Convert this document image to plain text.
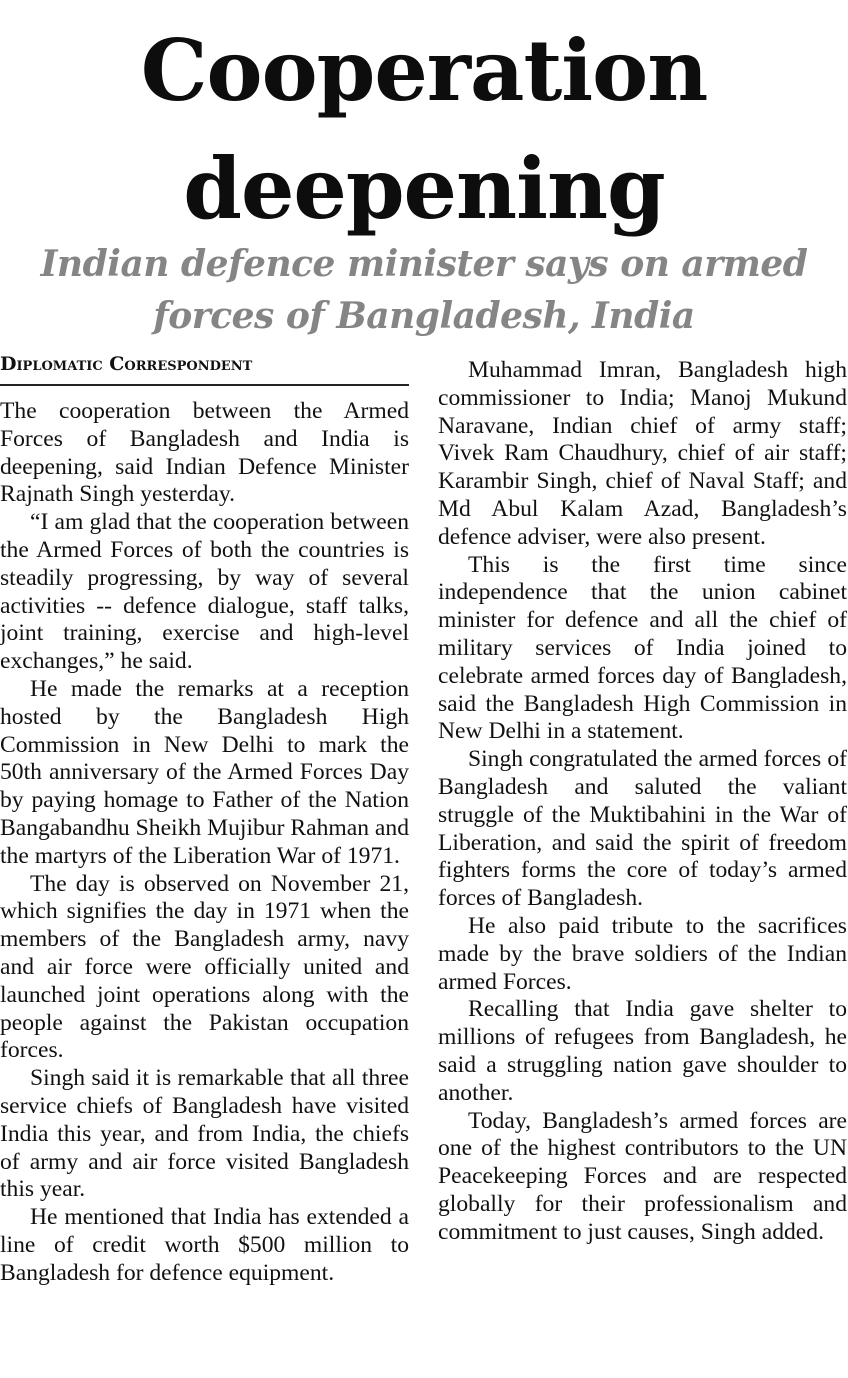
Cooperation
deepening
Indian defence minister says on armed
forces of Bangladesh, India
Diplomatic Correspondent

The cooperation between the Armed Forces of Bangladesh and India is deepening, said Indian Defence Minister Rajnath Singh yesterday.

“I am glad that the cooperation between the Armed Forces of both the countries is steadily progressing, by way of several activities -- defence dialogue, staff talks, joint training, exercise and high-level exchanges,” he said.

He made the remarks at a reception hosted by the Bangladesh High Commission in New Delhi to mark the 50th anniversary of the Armed Forces Day by paying homage to Father of the Nation Bangabandhu Sheikh Mujibur Rahman and the martyrs of the Liberation War of 1971.

The day is observed on November 21, which signifies the day in 1971 when the members of the Bangladesh army, navy and air force were officially united and launched joint operations along with the people against the Pakistan occupation forces.

Singh said it is remarkable that all three service chiefs of Bangladesh have visited India this year, and from India, the chiefs of army and air force visited Bangladesh this year.

He mentioned that India has extended a line of credit worth $500 million to Bangladesh for defence equipment.

Muhammad Imran, Bangladesh high commissioner to India; Manoj Mukund Naravane, Indian chief of army staff; Vivek Ram Chaudhury, chief of air staff; Karambir Singh, chief of Naval Staff; and Md Abul Kalam Azad, Bangladesh’s defence adviser, were also present.

This is the first time since independence that the union cabinet minister for defence and all the chief of military services of India joined to celebrate armed forces day of Bangladesh, said the Bangladesh High Commission in New Delhi in a statement.

Singh congratulated the armed forces of Bangladesh and saluted the valiant struggle of the Muktibahini in the War of Liberation, and said the spirit of freedom fighters forms the core of today’s armed forces of Bangladesh.

He also paid tribute to the sacrifices made by the brave soldiers of the Indian armed Forces.

Recalling that India gave shelter to millions of refugees from Bangladesh, he said a struggling nation gave shoulder to another.

Today, Bangladesh’s armed forces are one of the highest contributors to the UN Peacekeeping Forces and are respected globally for their professionalism and commitment to just causes, Singh added.
